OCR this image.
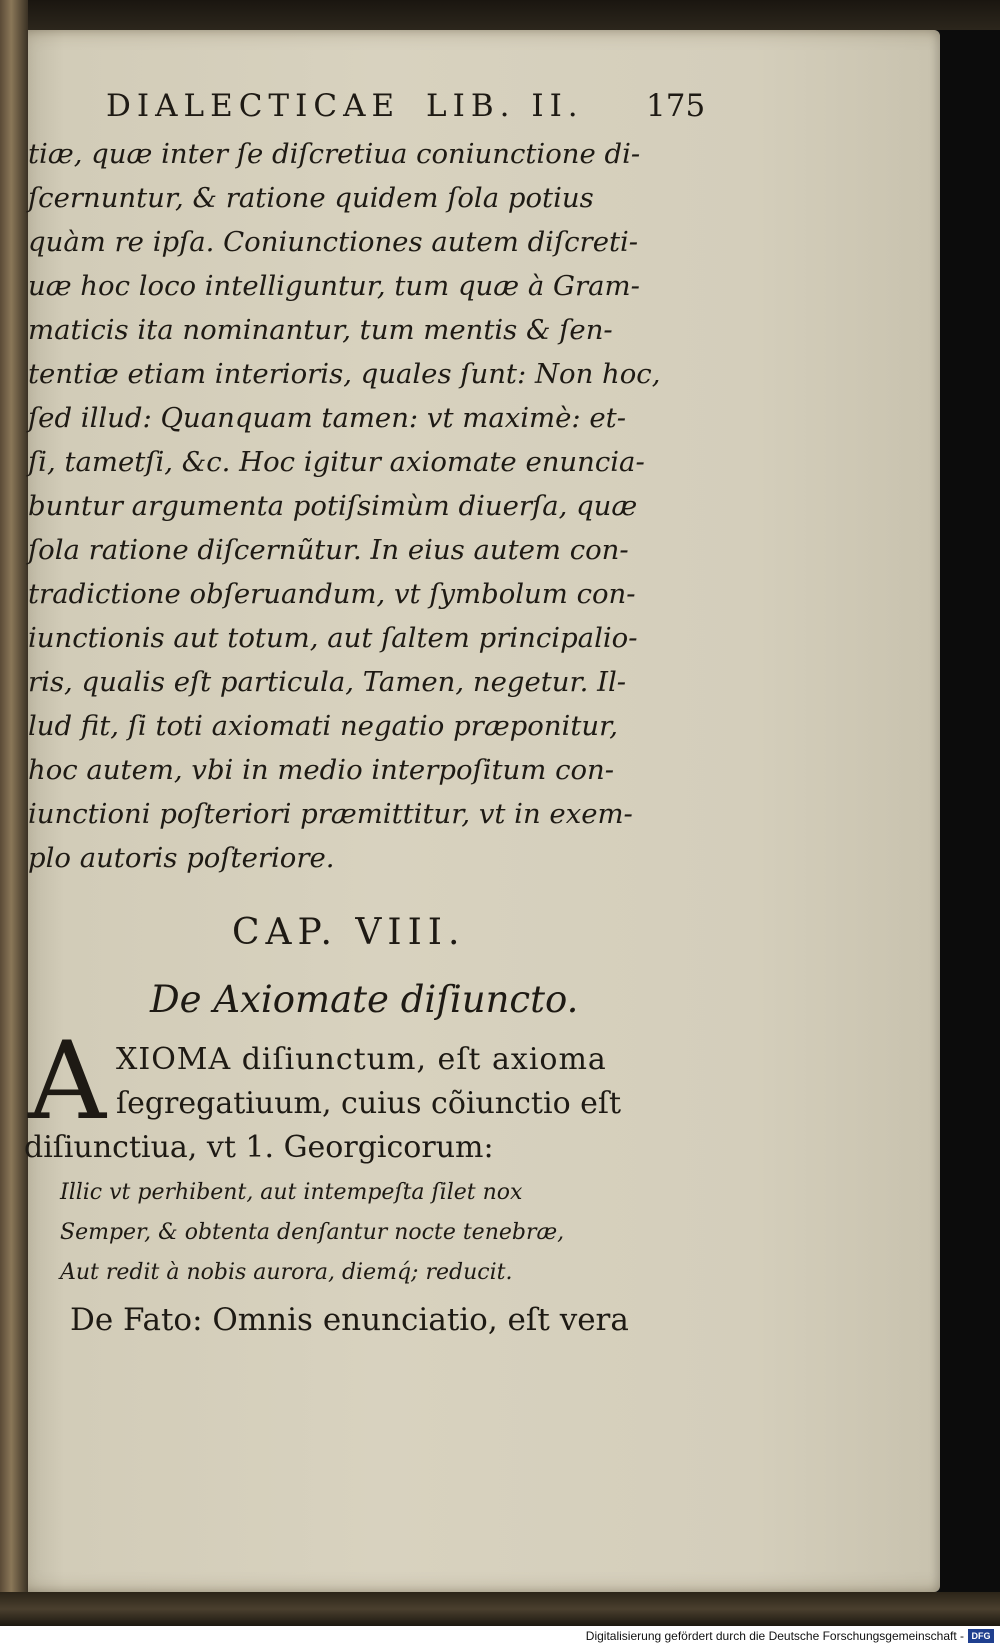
DIALECTICAE LIB. II. 175
tiæ, quæ inter ſe diſcretiua coniunctione di-
ſcernuntur, & ratione quidem ſola potius
quàm re ipſa. Coniunctiones autem diſcreti-
uæ hoc loco intelliguntur, tum quæ à Gram-
maticis ita nominantur, tum mentis & ſen-
tentiæ etiam interioris, quales ſunt: Non hoc,
ſed illud: Quanquam tamen: vt maximè: et-
ſi, tametſi, &c. Hoc igitur axiomate enuncia-
buntur argumenta potiſsimùm diuerſa, quæ
ſola ratione diſcernũtur. In eius autem con-
tradictione obſeruandum, vt ſymbolum con-
iunctionis aut totum, aut ſaltem principalio-
ris, qualis eſt particula, Tamen, negetur. Il-
lud fit, ſi toti axiomati negatio præponitur,
hoc autem, vbi in medio interpoſitum con-
iunctioni poſteriori præmittitur, vt in exem-
plo autoris poſteriore.
CAP. VIII.
De Axiomate diſiuncto.
A XIOMA diſiunctum, eſt axioma
ſegregatiuum, cuius cõiunctio eſt
diſiunctiua, vt 1. Georgicorum:
Illic vt perhibent, aut intempeſta ſilet nox
Semper, & obtenta denſantur nocte tenebræ,
Aut redit à nobis aurora, diemq́; reducit.
De Fato: Omnis enunciatio, eſt vera
Digitalisierung gefördert durch die Deutsche Forschungsgemeinschaft - DFG
